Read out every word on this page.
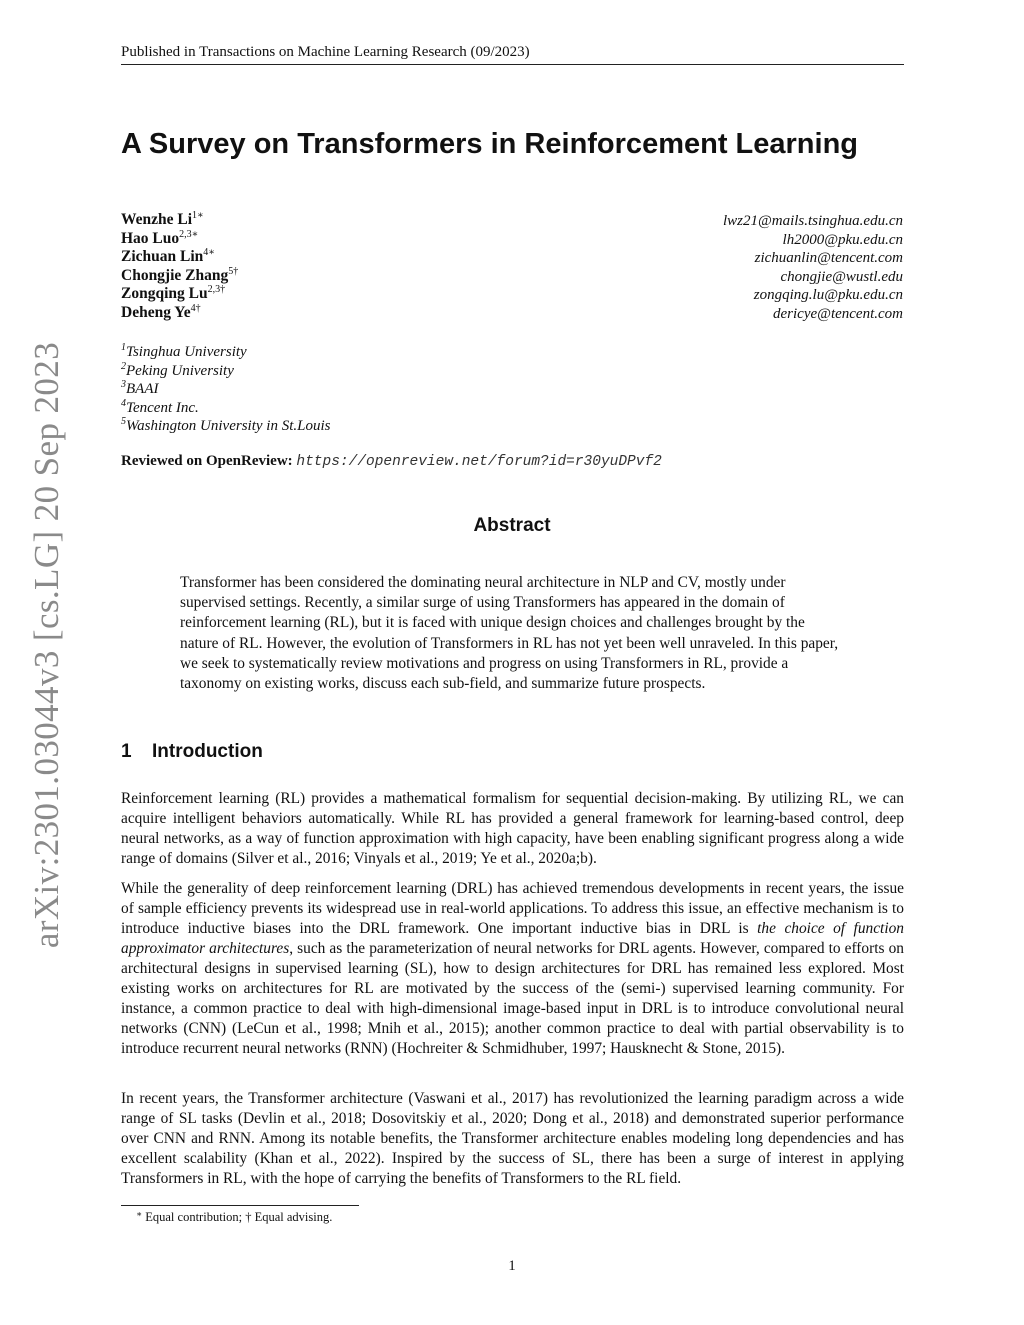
Published in Transactions on Machine Learning Research (09/2023)
arXiv:2301.03044v3 [cs.LG] 20 Sep 2023
A Survey on Transformers in Reinforcement Learning
Wenzhe $Li^{1∗}$
Hao Luo$^{2,3∗}$
Zichuan Lin$^{4∗}$
Chongjie Zhang$^{5\dagger}$
Zongqing $Lu^{2,3\dagger}$
Deheng $Ye^{4\dagger}$
lwz21@mails.tsinghua.edu.cn
lh2000@pku.edu.cn
zichuanlin@tencent.com
chongjie@wustl.edu
zongqing.lu@pku.edu.cn
dericye@tencent.com
$^1$Tsinghua University
$^2$Peking University
$^3$BAAI
$^4$Tencent Inc.
$^5$Washington University in St.Louis
Reviewed on OpenReview: https://openreview.net/forum?id=r30yuDPvf2
Abstract

Transformer has been considered the dominating neural architecture in NLP and CV, mostly under supervised settings. Recently, a similar surge of using Transformers has appeared in the domain of reinforcement learning (RL), but it is faced with unique design choices and challenges brought by the nature of RL. However, the evolution of Transformers in RL has not yet been well unraveled. In this paper, we seek to systematically review motivations and progress on using Transformers in RL, provide a taxonomy on existing works, discuss each sub-field, and summarize future prospects.

1 Introduction

Reinforcement learning (RL) provides a mathematical formalism for sequential decision-making. By utilizing RL, we can acquire intelligent behaviors automatically. While RL has provided a general framework for learning-based control, deep neural networks, as a way of function approximation with high capacity, have been enabling significant progress along a wide range of domains (Silver et al., 2016; Vinyals et al., 2019; Ye et al., 2020a;b).

While the generality of deep reinforcement learning (DRL) has achieved tremendous developments in recent years, the issue of sample efficiency prevents its widespread use in real-world applications. To address this issue, an effective mechanism is to introduce inductive biases into the DRL framework. One important inductive bias in DRL is the choice of function approximator architectures, such as the parameterization of neural networks for DRL agents. However, compared to efforts on architectural designs in supervised learning (SL), how to design architectures for DRL has remained less explored. Most existing works on architectures for RL are motivated by the success of the (semi-) supervised learning community. For instance, a common practice to deal with high-dimensional image-based input in DRL is to introduce convolutional neural networks (CNN) (LeCun et al., 1998; Mnih et al., 2015); another common practice to deal with partial observability is to introduce recurrent neural networks (RNN) (Hochreiter & Schmidhuber, 1997; Hausknecht & Stone, 2015).

In recent years, the Transformer architecture (Vaswani et al., 2017) has revolutionized the learning paradigm across a wide range of SL tasks (Devlin et al., 2018; Dosovitskiy et al., 2020; Dong et al., 2018) and demonstrated superior performance over CNN and RNN. Among its notable benefits, the Transformer architecture enables modeling long dependencies and has excellent scalability (Khan et al., 2022). Inspired by the success of SL, there has been a surge of interest in applying Transformers in RL, with the hope of carrying the benefits of Transformers to the RL field.

∗ Equal contribution; † Equal advising.
1
